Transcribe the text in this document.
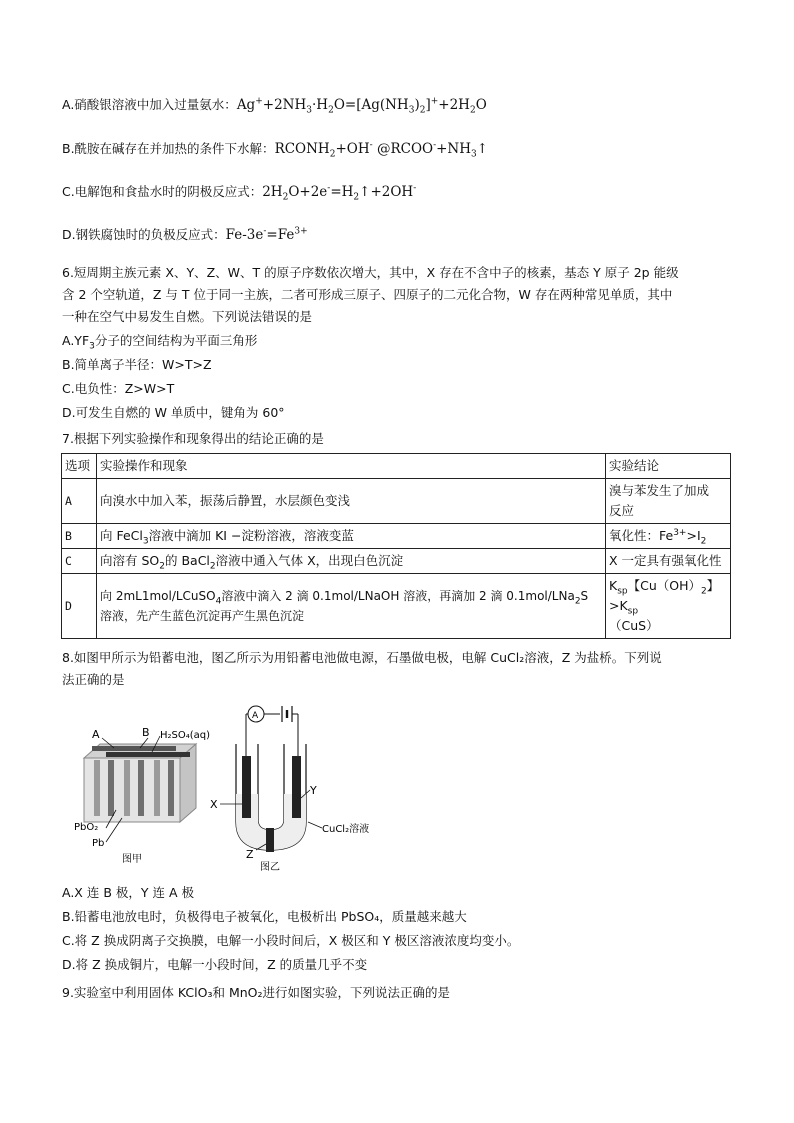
A.硝酸银溶液中加入过量氨水：$Ag^++2NH_3\cdot H_2O=[Ag(NH_3)_2]^++2H_2O$
B.酰胺在碱存在并加热的条件下水解：$RCONH_2+OH^-$ $@RCOO^-+NH_3↑$
C.电解饱和食盐水时的阴极反应式：$2H_2O+2e^-=H_2↑+2OH^-$
D.钢铁腐蚀时的负极反应式：$Fe-3e^-=Fe^{3+}$
6.短周期主族元素 X、Y、Z、W、T 的原子序数依次增大，其中，X 存在不含中子的核素，基态 Y 原子 2p 能级
含 2 个空轨道，Z 与 T 位于同一主族，二者可形成三原子、四原子的二元化合物，W 存在两种常见单质，其中
一种在空气中易发生自燃。下列说法错误的是
$A.YF_3$分子的空间结构为平面三角形
B.简单离子半径：W>T>Z
C.电负性：Z>W>T
D.可发生自燃的 W 单质中，键角为 60°
7.根据下列实验操作和现象得出的结论正确的是
选项	实验操作和现象	实验结论
A	向溴水中加入苯，振荡后静置，水层颜色变浅	溴与苯发生了加成
反应
B	向 FeCl$_3$溶液中滴加 KI −淀粉溶液，溶液变蓝	氧化性：$Fe^{3+}>I_2$
C	向溶有 $SO_2$的 BaCl$_2$溶液中通入气体 X，出现白色沉淀	X 一定具有强氧化性
D	向 2mL1mol/LCuSO$_4$溶液中滴入 2 滴 0.1mol/LNaOH 溶液，再滴加 2 滴 0.1mol/LNa$_2$S
溶液，先产生蓝色沉淀再产生黑色沉淀	$K_{sp}$【$Cu(OH)_2$】$>K_{sp}$
（CuS）
8.如图甲所示为铅蓄电池，图乙所示为用铅蓄电池做电源，石墨做电极，电解 CuCl₂溶液，Z 为盐桥。下列说
法正确的是
A	B H₂SO₄(aq)
PbO₂
Pb
图甲
A
X
Y
Z
CuCl₂溶液
图乙
A.X 连 B 极，Y 连 A 极
B.铅蓄电池放电时，负极得电子被氧化，电极析出 PbSO₄，质量越来越大
C.将 Z 换成阴离子交换膜，电解一小段时间后，X 极区和 Y 极区溶液浓度均变小。
D.将 Z 换成铜片，电解一小段时间，Z 的质量几乎不变
9.实验室中利用固体 KClO₃和 MnO₂进行如图实验，下列说法正确的是
